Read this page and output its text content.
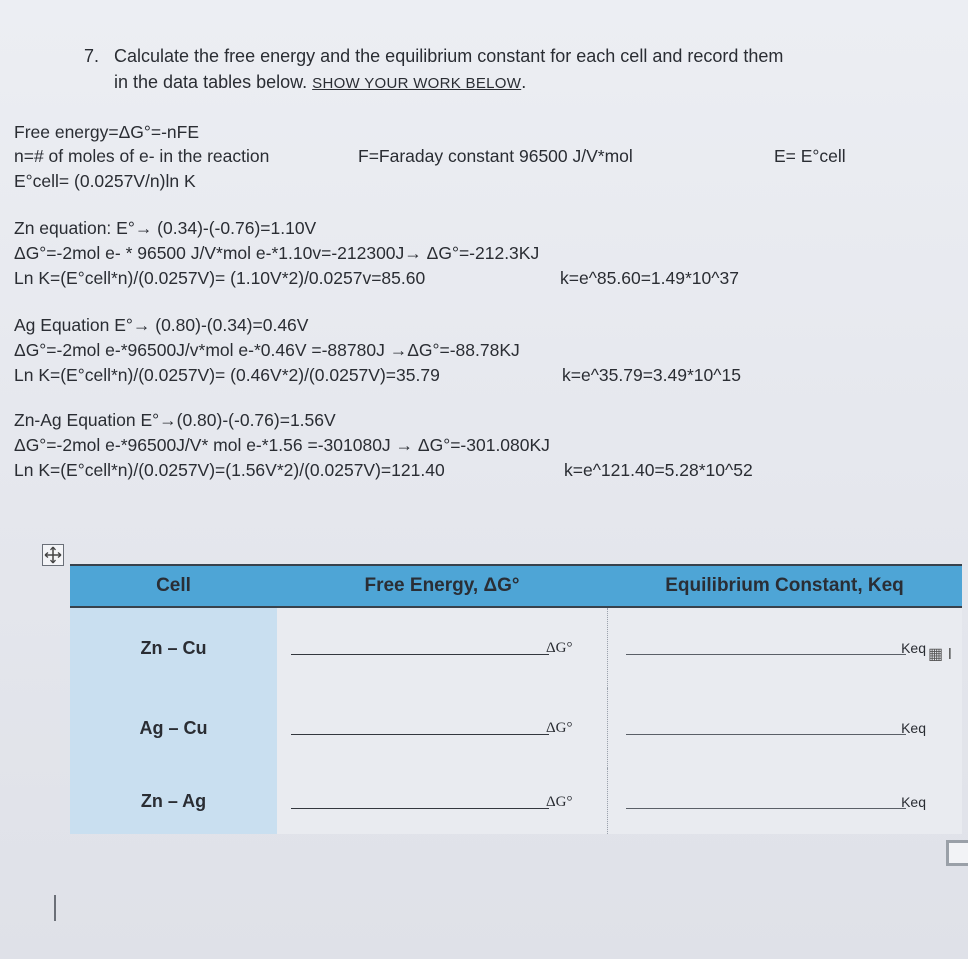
7. Calculate the free energy and the equilibrium constant for each cell and record them
in the data tables below. SHOW YOUR WORK BELOW.
Free energy=ΔG°=-nFE
n=# of moles of e- in the reaction	F=Faraday constant 96500 J/V*mol	E= E°cell
E°cell= (0.0257V/n)ln K
Zn equation: E°→ (0.34)-(-0.76)=1.10V
ΔG°=-2mol e- * 96500 J/V*mol e-*1.10v=-212300J→ ΔG°=-212.3KJ
Ln K=(E°cell*n)/(0.0257V)= (1.10V*2)/0.0257v=85.60	k=e^85.60=1.49*10^37
Ag Equation E°→ (0.80)-(0.34)=0.46V
ΔG°=-2mol e-*96500J/v*mol e-*0.46V =-88780J →ΔG°=-88.78KJ
Ln K=(E°cell*n)/(0.0257V)= (0.46V*2)/(0.0257V)=35.79	k=e^35.79=3.49*10^15
Zn-Ag Equation E°→(0.80)-(-0.76)=1.56V
ΔG°=-2mol e-*96500J/V* mol e-*1.56 =-301080J → ΔG°=-301.080KJ
Ln K=(E°cell*n)/(0.0257V)=(1.56V*2)/(0.0257V)=121.40	k=e^121.40=5.28*10^52
Cell	Free Energy, ΔG°	Equilibrium Constant, Keq
Zn – Cu	ΔG°	Keq

Ag – Cu	ΔG°	Keq

Zn – Ag	ΔG°	Keq
▦ I
